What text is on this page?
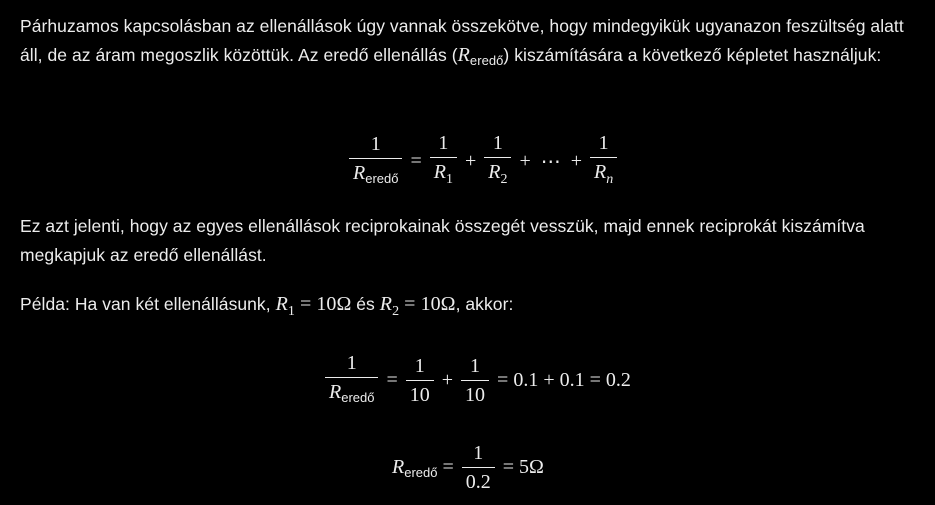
Párhuzamos kapcsolásban az ellenállások úgy vannak összekötve, hogy mindegyikük ugyanazon feszültség alatt áll, de az áram megoszlik közöttük. Az eredő ellenállás $(R_{eredő})$ kiszámítására a következő képletet használjuk:

$\frac{1}{R_{eredő}} = \frac{1}{R_1} + \frac{1}{R_2}$ + ⋯ + $\frac{1}{R_n}$

Ez azt jelenti, hogy az egyes ellenállások reciprokainak összegét vesszük, majd ennek reciprokát kiszámítva megkapjuk az eredő ellenállást.

Példa: Ha van két ellenállásunk, $R_1 = 10\Omega$ és $R_2 = 10\Omega$, akkor:

$\frac{1}{R_{eredő}} = \frac{1}{10} + \frac{1}{10} = 0.1 + 0.1 = 0.2$
$R_{eredő} = \frac{1}{0.2} = 5\Omega$
